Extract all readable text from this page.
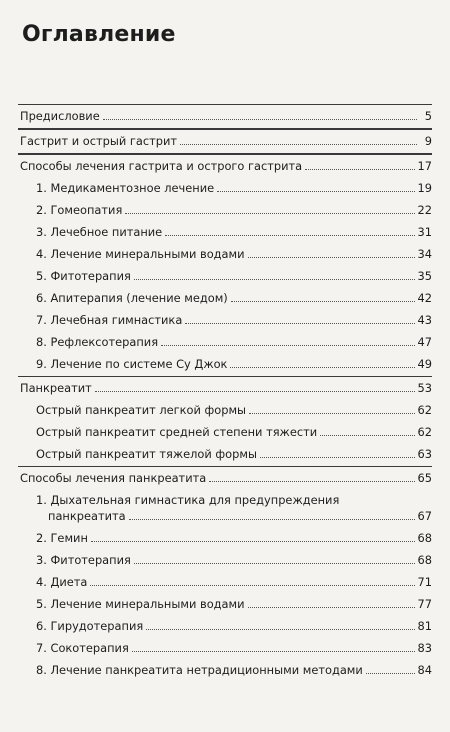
Оглавление
Предисловие	5
Гастрит и острый гастрит	9
Способы лечения гастрита и острого гастрита	17
1. Медикаментозное лечение	19
2. Гомеопатия	22
3. Лечебное питание	31
4. Лечение минеральными водами	34
5. Фитотерапия	35
6. Апитерапия (лечение медом)	42
7. Лечебная гимнастика	43
8. Рефлексотерапия	47
9. Лечение по системе Су Джок	49
Панкреатит	53
Острый панкреатит легкой формы	62
Острый панкреатит средней степени тяжести	62
Острый панкреатит тяжелой формы	63
Способы лечения панкреатита	65
1. Дыхательная гимнастика для предупреждения
панкреатита	67
2. Гемин	68
3. Фитотерапия	68
4. Диета	71
5. Лечение минеральными водами	77
6. Гирудотерапия	81
7. Сокотерапия	83
8. Лечение панкреатита нетрадиционными методами	84
